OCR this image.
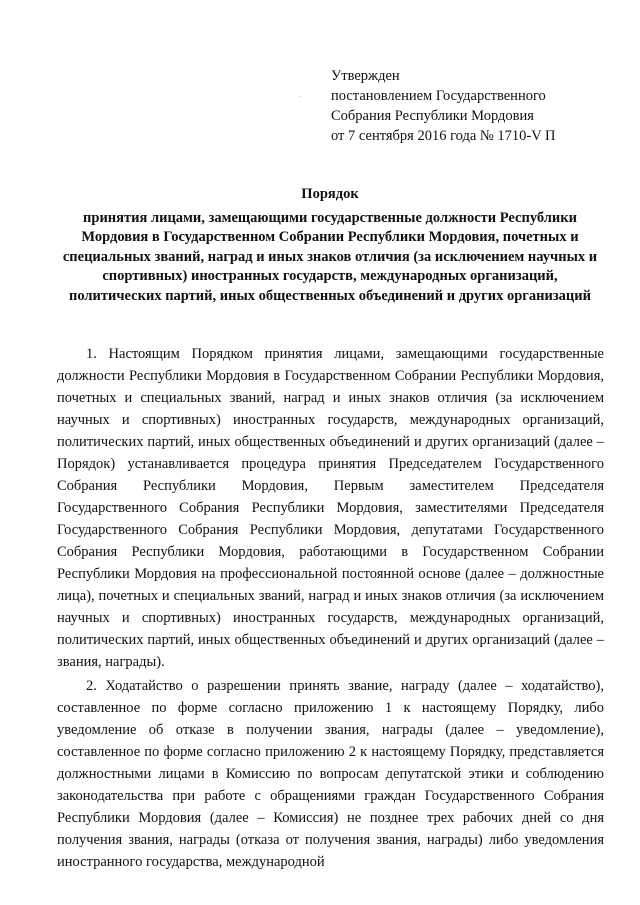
Утвержден
постановлением Государственного
Собрания Республики Мордовия
от 7 сентября 2016 года № 1710-V П
Порядок
принятия лицами, замещающими государственные должности Республики Мордовия в Государственном Собрании Республики Мордовия, почетных и специальных званий, наград и иных знаков отличия (за исключением научных и спортивных) иностранных государств, международных организаций, политических партий, иных общественных объединений и других организаций

1. Настоящим Порядком принятия лицами, замещающими государственные должности Республики Мордовия в Государственном Собрании Республики Мордовия, почетных и специальных званий, наград и иных знаков отличия (за исключением научных и спортивных) иностранных государств, международных организаций, политических партий, иных общественных объединений и других организаций (далее – Порядок) устанавливается процедура принятия Председателем Государственного Собрания Республики Мордовия, Первым заместителем Председателя Государственного Собрания Республики Мордовия, заместителями Председателя Государственного Собрания Республики Мордовия, депутатами Государственного Собрания Республики Мордовия, работающими в Государственном Собрании Республики Мордовия на профессиональной постоянной основе (далее – должностные лица), почетных и специальных званий, наград и иных знаков отличия (за исключением научных и спортивных) иностранных государств, международных организаций, политических партий, иных общественных объединений и других организаций (далее – звания, награды).

2. Ходатайство о разрешении принять звание, награду (далее – ходатайство), составленное по форме согласно приложению 1 к настоящему Порядку, либо уведомление об отказе в получении звания, награды (далее – уведомление), составленное по форме согласно приложению 2 к настоящему Порядку, представляется должностными лицами в Комиссию по вопросам депутатской этики и соблюдению законодательства при работе с обращениями граждан Государственного Собрания Республики Мордовия (далее – Комиссия) не позднее трех рабочих дней со дня получения звания, награды (отказа от получения звания, награды) либо уведомления иностранного государства, международной
